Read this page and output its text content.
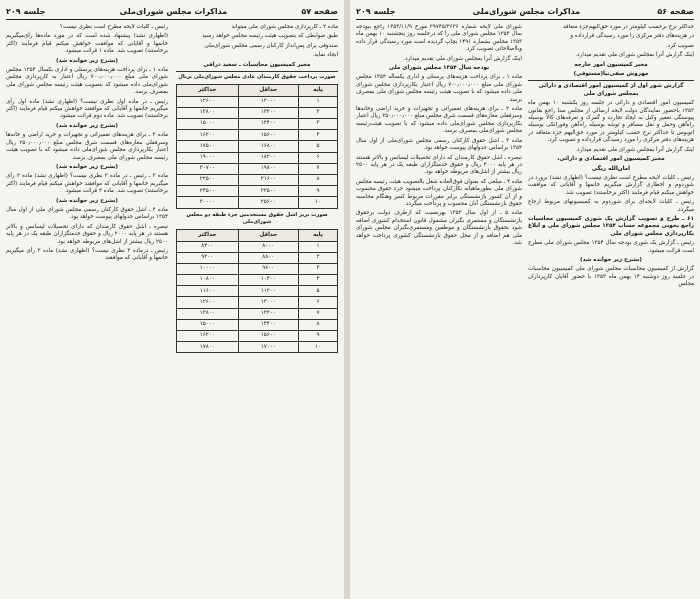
صفحه ۵۷
مذاکرات مجلس شورای‌ملی
جلسه ۲۰۹
ماده ۲ ـ کارپردازی مجلس شورای ملی میتواند
طبق ضوابطی که بتصویب هیئت رئیسه مجلس خواهد رسید
صندوقی برای پس‌انداز کارکنان رسمی مجلس شورای‌ملی
ایجاد نماید.
مخبر کمیسیون محاسبات ـ سعید درافی
صورت پرداخت حقوق کارمندان عادی مجلس شورای‌ملی بریال
پایه	حداقل	حداکثر
۱	۱۲۰۰۰	۱۲۶۰۰
۲	۱۳۲۰۰	۱۳۸۰۰
۳	۱۴۴۰۰	۱۵۰۰۰
۴	۱۵۶۰۰	۱۶۲۰۰
۵	۱۶۸۰۰	۱۷۵۰۰
۶	۱۸۲۰۰	۱۹۰۰۰
۷	۱۹۸۰۰	۲۰۷۰۰
۸	۲۱۶۰۰	۲۲۵۰۰
۹	۲۳۵۰۰	۲۴۵۰۰
۱۰	۲۵۶۰۰	۳۰۰۰۰
صورت بریز اشل حقوق مستخدمین جزء طبقه دو مجلس شورای‌ملی
پایه	حداقل	حداکثر
۱	۸۰۰۰	۸۴۰۰
۲	۸۸۰۰	۹۲۰۰
۳	۹۶۰۰	۱۰۰۰۰
۴	۱۰۴۰۰	۱۰۸۰۰
۵	۱۱۲۰۰	۱۱۶۰۰
۶	۱۲۰۰۰	۱۲۶۰۰
۷	۱۳۲۰۰	۱۳۸۰۰
۸	۱۴۴۰۰	۱۵۰۰۰
۹	۱۵۶۰۰	۱۶۲۰۰
۱۰	۱۷۰۰۰	۱۷۸۰۰
رئیس ـ کلیات لایحه مطرح است نظری نیست؟
(اظهاری نشد) پیشنهاد شده است که در مورد ماده‌ها رأی‌میگیریم خانمها و آقایانی که موافقت خواهش میکنم قیام فرمایند (اکثر برخاستند) تصویب شد. ماده ۱ قرائت میشود.
(بشرح زیر خوانده شد)
ماده ۱ ـ برای پرداخت هزینه‌های پرسنلی و اداری بکسال ۱۳۵۴ مجلس شورای ملی مبلغ ۷۰۰٫۰۰۰٫۰۰۰ ریال اعتبار به کارپردازی مجلس شورای‌ملی داده میشود که بتصویب هیئت رئیسه مجلس شورای ملی بمصرف برسد.
رئیس ـ در ماده اول نظری نیست؟ (اظهاری نشد) ماده اول رأی میگیریم خانمها و آقایانی که موافقند خواهش میکنم قیام فرمایند (اکثر برخاستند) تصویب شد. ماده دوم قرائت میشود.
(بشرح زیر خوانده شد)
ماده ۲ ـ برای هزینه‌های تعمیراتی و تجهیزات و خرید اراضی و خانه‌ها وسرقفلی مغازه‌های قسمت شرق مجلس مبلغ ۲۵۰٫۰۰۰٫۰۰۰ ریال اعتبار بکارپردازی مجلس شورای‌ملی داده میشود که با تصویب هیئت رئیسه مجلس شورای ملی بمصرف برسد.
(بشرح زیر خوانده شد)
ماده ۳ ـ رئیس ـ در ماده ۲ نظری نیست؟ (اظهاری نشد) ماده ۲ رأی میگیریم خانمها و آقایانی که موافقند خواهش میکنم قیام فرمایند (اکثر برخاستند) تصویب شد. ماده ۳ قرائت میشود.
(بشرح زیر خوانده شد)
ماده ۴ ـ اشل حقوق کارکنان رسمی مجلس شورای ملی از اول سال ۱۳۵۴ براساس جدولهای پیوست خواهد بود.
تبصره ـ اشل حقوق کارمندان که دارای تحصیلات لیسانس و بالاتر هستند در هر پایه ۲۰۰۰ ریال و حقوق خدمتگزاران طبقه یک در هر پایه ۲۵۰۰ ریال بیشتر از اشل‌های مربوطه خواهد بود.
رئیس ـ درماده ۳ نظری نیست؟ (اظهاری نشد) ماده ۳ رأی میگیریم خانمها و آقایانی که موافقند
صفحه ۵۶
مذاکرات مجلس شورای‌ملی
جلسه ۲۰۹
حداکثر نرخ برحسب کیلومتر در مورد حق‌الیهم‌جزء متعاقد
در هزینه‌های دفتر مرکزی را مورد رسیدگی قرارداده و
تصویب کرد.
اینک گزارش آنرا بمجلس شورای ملی تقدیم میدارد.
مخبر کمیسیون امور خارجه
مهروش صفی‌نیا(مستوفی)
گزارش شور اول از کمیسیون امور اقتصادی و دارائی بمجلس شورای ملی
کمیسیون امور اقتصادی و دارائی در جلسه روز یکشنبه ۱۰ بهمن ماه ۱۳۵۳ باحضور نمایندگان دولت لایحه ارسالی از مجلس سنا راجع بقانون پیوستگی تعمیر وکیل به ایجاد تجارت و گمرک و تعرفه‌های کالا بوسیله راه‌آهن وحمل و نقل مسافر و توشه بوسیله راه‌آهن وفورانکی بوسیله اتوبوس تا حداکثر نرخ حسب کیلومتر در مورد حق‌الیهم جزء متعاقد در هزینه‌های دفتر مرکزی را مورد رسیدگی قرارداده و تصویب کرد.
اینک گزارش آنرا بمجلس شورای ملی تقدیم میدارد.
مخبر کمیسیون امور اقتصادی و دارائی،
امان‌الله ریگی
رئیس ـ کلیات لایحه مطرح است نظری نیست؟ (اظهاری نشد) برورد در شوردوم و اخطاری گزارش میگیریم خانمها و آقایانی که موافقت خواهش میکنم قیام فرمایند (اکثر برخاستند) تصویب شد.
رئیس ـ کلیات لایحه‌ای برای شوردوم به کمیسیونهای مربوط ارجاع میگردد.
۶۱ ـ طرح و تصویب گزارش یک شوری کمیسیون محاسبات راجع بخوبی مجموعه حساب ۱۳۵۴ مجلس شورای ملی و ابلاغ بکارپردازی مجلس شورای ملی
رئیس ـ گزارش یک شوری بودجه سال ۱۳۵۴ مجلس شورای ملی مطرح است قرائت میشود.
(بشرح زیر خوانده شد)
گزارش از کمیسیون محاسبات مجلس شورای ملی کمیسیون محاسبات در جلسه روز دوشنبه ۱۴ بهمن ماه ۱۳۵۳ با حضور آقایان کارپردازان مجلس
شورای ملی لایحه شماره ۳۹۷۴۵/۳۶۳۶ مورخ ۱۳۵۳/۱۱/۹ راجع ببودجه سال ۱۳۵۴ مجلس شورای ملی را که درجلسه روز پنجشنبه ۱۰ بهمن ماه ۱۳۵۳ مجلس بشماره ۱۴۹۱ بچاپ گردیده است مورد رسیدگی قرار داده وبااصلاحاتی تصویب کرد.
اینک گزارش آنرا بمجلس شورای ملی تقدیم میدارد.
بودجه سال ۱۳۵۴ مجلس شورای ملی
ماده ۱ ـ برای پرداخت هزینه‌های پرسنلی و اداری یکساله ۱۳۵۴ مجلس شورای ملی مبلغ ۷۰۰٫۰۰۰٫۰۰۰ ریال اعتبار بکارپردازی مجلس شورای ملی داده میشود که با تصویب هیئت رئیسه مجلس شورای ملی بمصرف برسد.
ماده ۲ ـ برای هزینه‌های تعمیراتی و تجهیزات و خرید اراضی وخانه‌ها وسرقفلی مغازه‌های قسمت شرق مجلس مبلغ ۲۵۰٫۰۰۰٫۰۰۰ ریال اعتبار بکارپردازی مجلس شورای‌ملی داده میشود که با تصویب هیئت‌رئیسه مجلس شورای‌ملی بمصرف برسد.
ماده ۳ ـ اشل حقوق کارکنان رسمی مجلس شورای‌ملی از اول سال ۱۳۵۴ براساس جدولهای پیوست خواهد بود.
تبصره ـ اشل حقوق کارمندان که دارای تحصیلات لیسانس و بالاتر هستند در هر پایه ۲۰۰۰ ریال و حقوق خدمتگزاران طبقه یک در هر پایه ۲۵۰۰ ریال بیشتر از اشل‌های مربوطه خواهد بود.
ماده ۴ ـ مبلغی که بعنوان فوق‌العاده شغل بالتصویب هیئت رئیسه مجلس شورای ملی بطورماهیانه بکارکنان پرداخت میشود جزء حقوق محسوب و از آن کسور بازنشستگی برابر مقررات مربوط کسر وهنگام محاسبه حقوق بازنشستگی آنان محسوب و پرداخت میگردد.
ماده ۵ ـ از اول سال ۱۳۵۴ بهرنسبت که ازطرف دولت برحقوق بازنشستگان و مستمری بگیران مشمول قانون استخدام کشوری اضافه شود بحقوق بازنشستگان و موظفین ومستمری‌بگیران مجلس شورای ملی هم اضافه و از محل حقوق بازنشستگی کشوری پرداخت خواهد شد.
